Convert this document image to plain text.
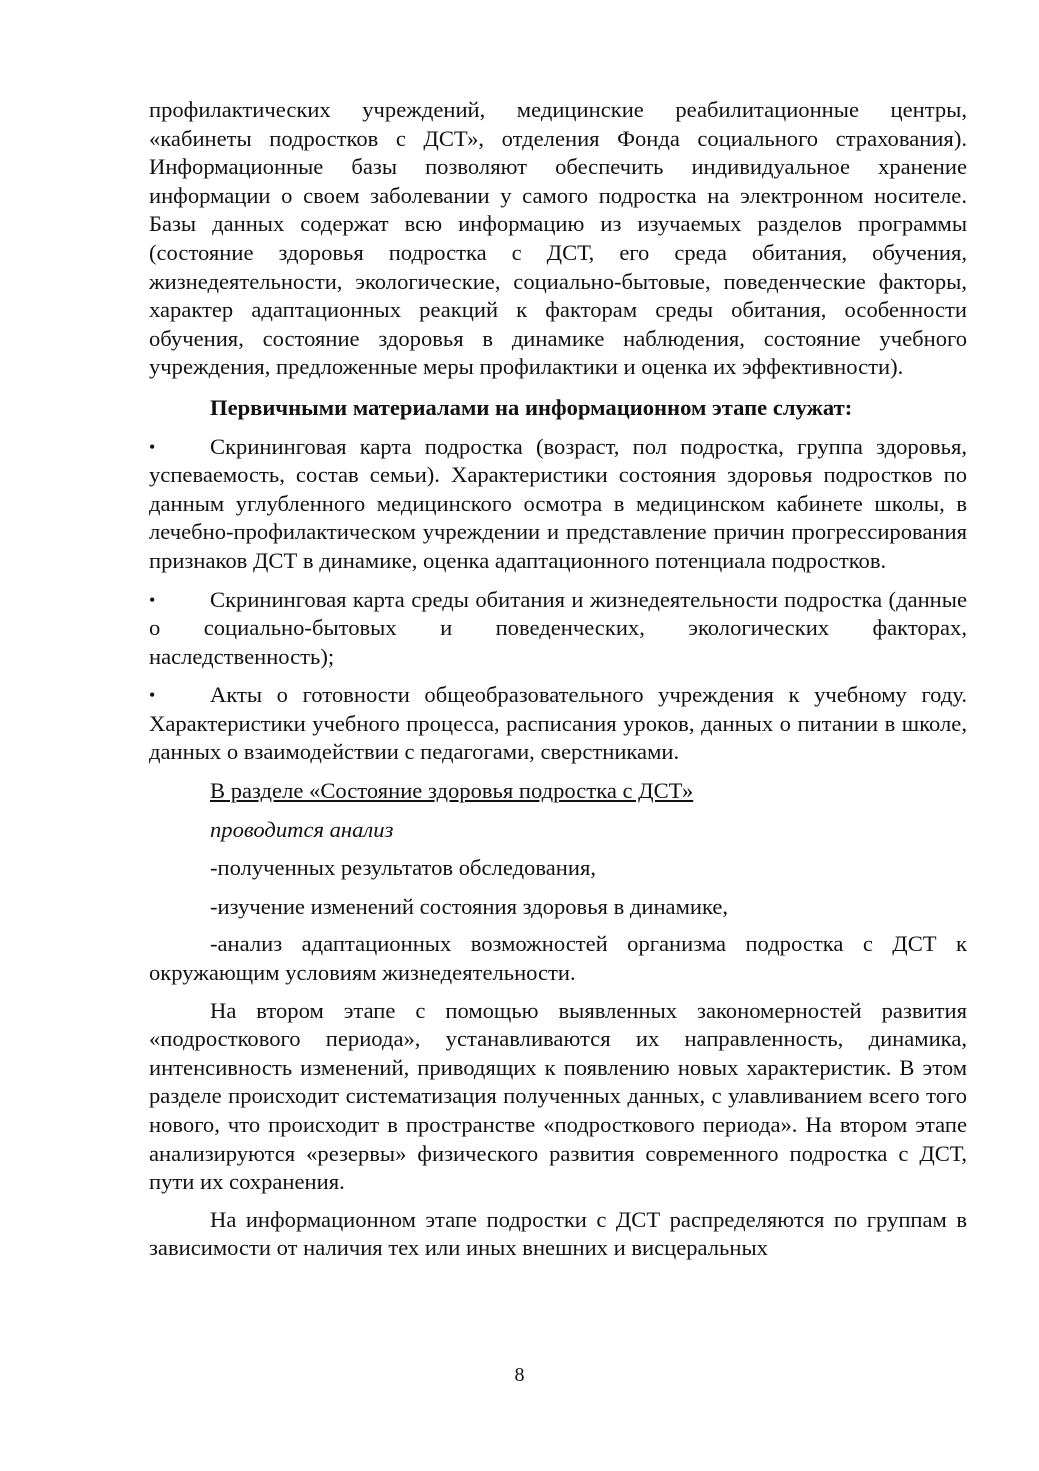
профилактических учреждений, медицинские реабилитационные центры, «кабинеты подростков с ДСТ», отделения Фонда социального страхования). Информационные базы позволяют обеспечить индивидуальное хранение информации о своем заболевании у самого подростка на электронном носителе. Базы данных содержат всю информацию из изучаемых разделов программы (состояние здоровья подростка с ДСТ, его среда обитания, обучения, жизнедеятельности, экологические, социально-бытовые, поведенческие факторы, характер адаптационных реакций к факторам среды обитания, особенности обучения, состояние здоровья в динамике наблюдения, состояние учебного учреждения, предложенные меры профилактики и оценка их эффективности).

Первичными материалами на информационном этапе служат:

•	Скрининговая карта подростка (возраст, пол подростка, группа здоровья, успеваемость, состав семьи). Характеристики состояния здоровья подростков по данным углубленного медицинского осмотра в медицинском кабинете школы, в лечебно-профилактическом учреждении и представление причин прогрессирования признаков ДСТ в динамике, оценка адаптационного потенциала подростков.

•	Скрининговая карта среды обитания и жизнедеятельности подростка (данные о социально-бытовых и поведенческих, экологических факторах, наследственность);

•	Акты о готовности общеобразовательного учреждения к учебному году. Характеристики учебного процесса, расписания уроков, данных о питании в школе, данных о взаимодействии с педагогами, сверстниками.

В разделе «Состояние здоровья подростка с ДСТ»

проводится анализ

-полученных результатов обследования,

-изучение изменений состояния здоровья в динамике,

-анализ адаптационных возможностей организма подростка с ДСТ к окружающим условиям жизнедеятельности.

На втором этапе с помощью выявленных закономерностей развития «подросткового периода», устанавливаются их направленность, динамика, интенсивность изменений, приводящих к появлению новых характеристик. В этом разделе происходит систематизация полученных данных, с улавливанием всего того нового, что происходит в пространстве «подросткового периода». На втором этапе анализируются «резервы» физического развития современного подростка с ДСТ, пути их сохранения.

На информационном этапе подростки с ДСТ распределяются по группам в зависимости от наличия тех или иных внешних и висцеральных

8
